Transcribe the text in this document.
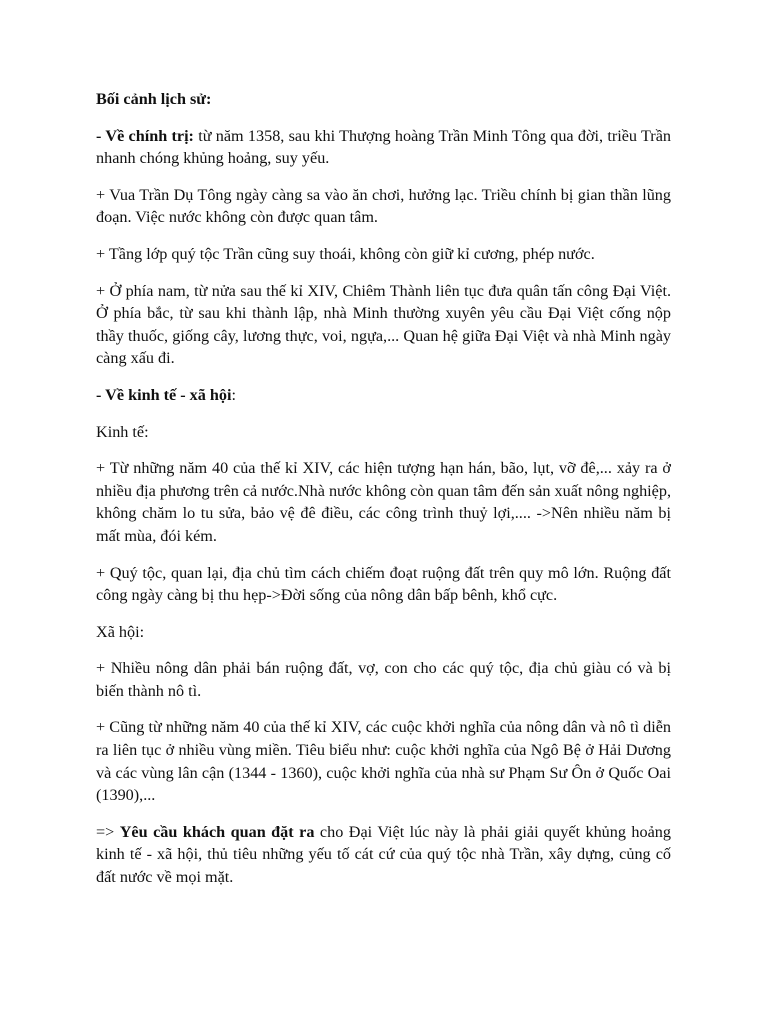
Bối cảnh lịch sử:

- Về chính trị: từ năm 1358, sau khi Thượng hoàng Trần Minh Tông qua đời, triều Trần nhanh chóng khủng hoảng, suy yếu.

+ Vua Trần Dụ Tông ngày càng sa vào ăn chơi, hưởng lạc. Triều chính bị gian thần lũng đoạn. Việc nước không còn được quan tâm.

+ Tầng lớp quý tộc Trần cũng suy thoái, không còn giữ kỉ cương, phép nước.

+ Ở phía nam, từ nửa sau thế kỉ XIV, Chiêm Thành liên tục đưa quân tấn công Đại Việt. Ở phía bắc, từ sau khi thành lập, nhà Minh thường xuyên yêu cầu Đại Việt cống nộp thầy thuốc, giống cây, lương thực, voi, ngựa,... Quan hệ giữa Đại Việt và nhà Minh ngày càng xấu đi.

- Về kinh tế - xã hội:

Kinh tế:

+ Từ những năm 40 của thế kỉ XIV, các hiện tượng hạn hán, bão, lụt, vỡ đê,... xảy ra ở nhiều địa phương trên cả nước.Nhà nước không còn quan tâm đến sản xuất nông nghiệp, không chăm lo tu sửa, bảo vệ đê điều, các công trình thuỷ lợi,.... ->Nên nhiều năm bị mất mùa, đói kém.

+ Quý tộc, quan lại, địa chủ tìm cách chiếm đoạt ruộng đất trên quy mô lớn. Ruộng đất công ngày càng bị thu hẹp->Đời sống của nông dân bấp bênh, khổ cực.

Xã hội:

+ Nhiều nông dân phải bán ruộng đất, vợ, con cho các quý tộc, địa chủ giàu có và bị biến thành nô tì.

+ Cũng từ những năm 40 của thế kỉ XIV, các cuộc khởi nghĩa của nông dân và nô tì diễn ra liên tục ở nhiều vùng miền. Tiêu biểu như: cuộc khởi nghĩa của Ngô Bệ ở Hải Dương và các vùng lân cận (1344 - 1360), cuộc khởi nghĩa của nhà sư Phạm Sư Ôn ở Quốc Oai (1390),...

=> Yêu cầu khách quan đặt ra cho Đại Việt lúc này là phải giải quyết khủng hoảng kinh tế - xã hội, thủ tiêu những yếu tố cát cứ của quý tộc nhà Trần, xây dựng, củng cố đất nước về mọi mặt.
